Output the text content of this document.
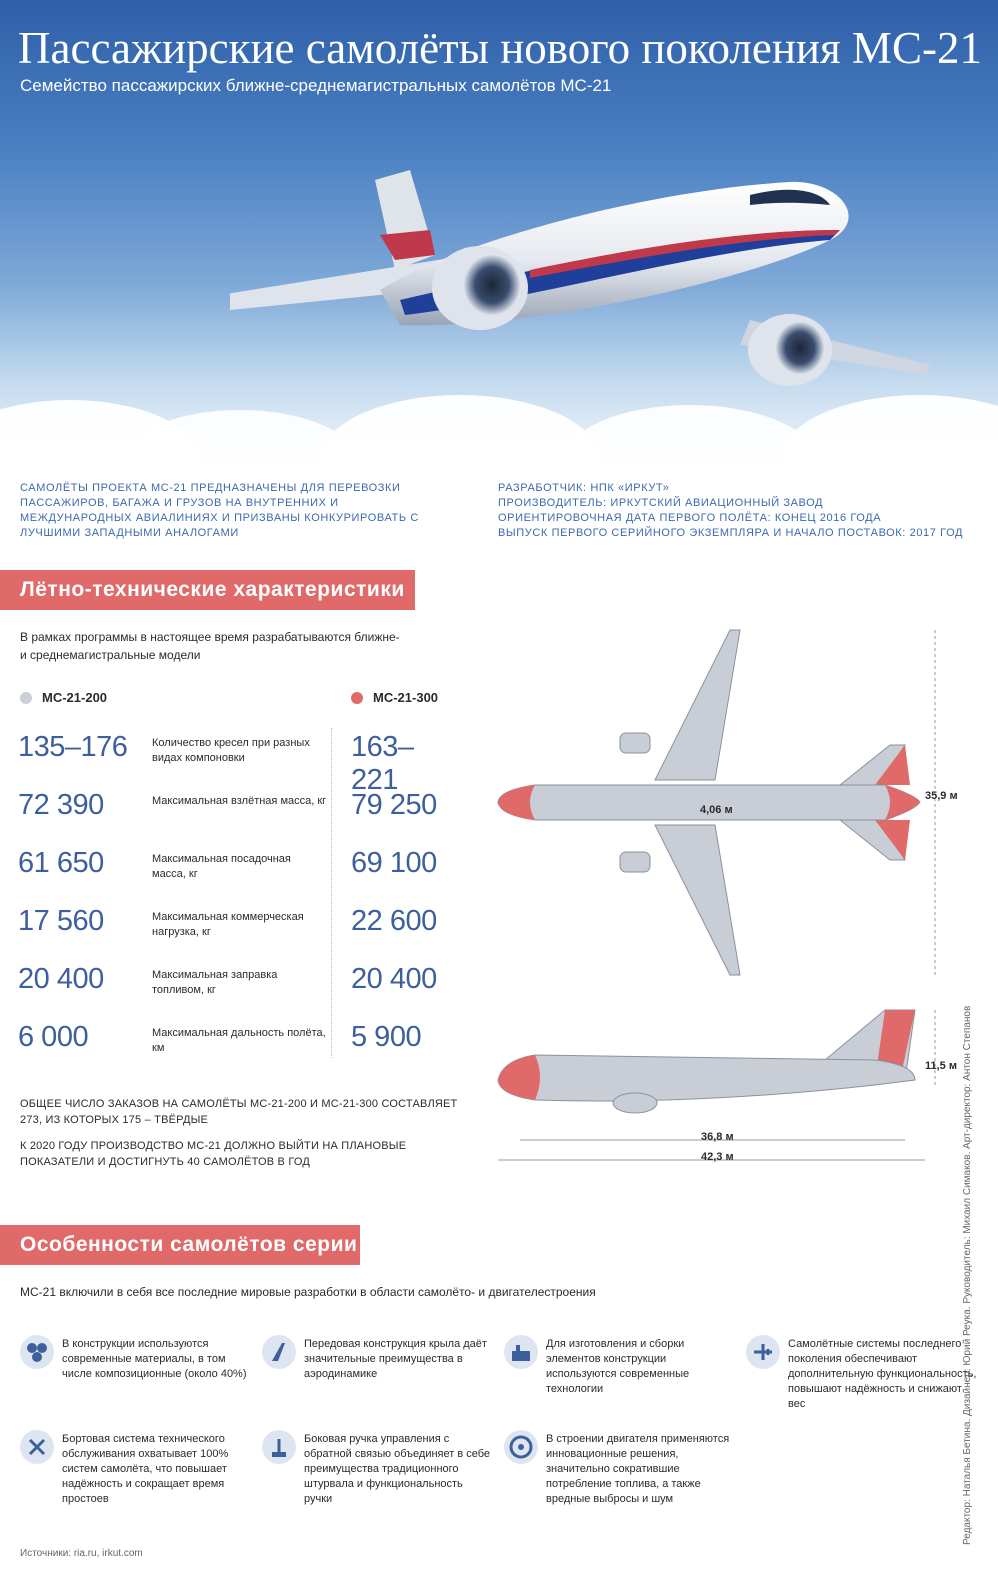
Пассажирские самолёты нового поколения МС-21
Семейство пассажирских ближне-среднемагистральных самолётов МС-21
САМОЛЁТЫ ПРОЕКТА МС-21 ПРЕДНАЗНАЧЕНЫ ДЛЯ ПЕРЕВОЗКИ ПАССАЖИРОВ, БАГАЖА И ГРУЗОВ НА ВНУТРЕННИХ И МЕЖДУНАРОДНЫХ АВИАЛИНИЯХ И ПРИЗВАНЫ КОНКУРИРОВАТЬ С ЛУЧШИМИ ЗАПАДНЫМИ АНАЛОГАМИ
РАЗРАБОТЧИК: НПК «ИРКУТ»
ПРОИЗВОДИТЕЛЬ: ИРКУТСКИЙ АВИАЦИОННЫЙ ЗАВОД
ОРИЕНТИРОВОЧНАЯ ДАТА ПЕРВОГО ПОЛЁТА: КОНЕЦ 2016 ГОДА
ВЫПУСК ПЕРВОГО СЕРИЙНОГО ЭКЗЕМПЛЯРА И НАЧАЛО ПОСТАВОК: 2017 ГОД
Лётно-технические характеристики
В рамках программы в настоящее время разрабатываются ближне- и среднемагистральные модели
МС-21-200	МС-21-300
135–176 Количество кресел при разных видах компоновки	163–221
72 390	Максимальная взлётная масса, кг 79 250
61 650	Максимальная посадочная масса, кг	69 100
17 560	Максимальная коммерческая нагрузка, кг	22 600
20 400	Максимальная заправка топливом, кг	20 400
6 000	Максимальная дальность полёта, км	5 900
ОБЩЕЕ ЧИСЛО ЗАКАЗОВ НА САМОЛЁТЫ МС-21-200 И МС-21-300 СОСТАВЛЯЕТ 273, ИЗ КОТОРЫХ 175 – ТВЁРДЫЕ
К 2020 ГОДУ ПРОИЗВОДСТВО МС-21 ДОЛЖНО ВЫЙТИ НА ПЛАНОВЫЕ ПОКАЗАТЕЛИ И ДОСТИГНУТЬ 40 САМОЛЁТОВ В ГОД
4,06 м
35,9 м
11,5 м
36,8 м
42,3 м
Особенности самолётов серии
МС-21 включили в себя все последние мировые разработки в области самолёто- и двигателестроения
В конструкции используются современные материалы, в том числе композиционные (около 40%)
Передовая конструкция крыла даёт значительные преимущества в аэродинамике
Для изготовления и сборки элементов конструкции используются современные технологии
Самолётные системы последнего поколения обеспечивают дополнительную функциональность, повышают надёжность и снижают вес
Бортовая система технического обслуживания охватывает 100% систем самолёта, что повышает надёжность и сокращает время простоев
Боковая ручка управления с обратной связью объединяет в себе преимущества традиционного штурвала и функциональность ручки
В строении двигателя применяются инновационные решения, значительно сократившие потребление топлива, а также вредные выбросы и шум
Источники: ria.ru, irkut.com
Редактор: Наталья Бетина. Дизайнер: Юрий Реука. Руководитель: Михаил Симаков. Арт-директор: Антон Степанов
